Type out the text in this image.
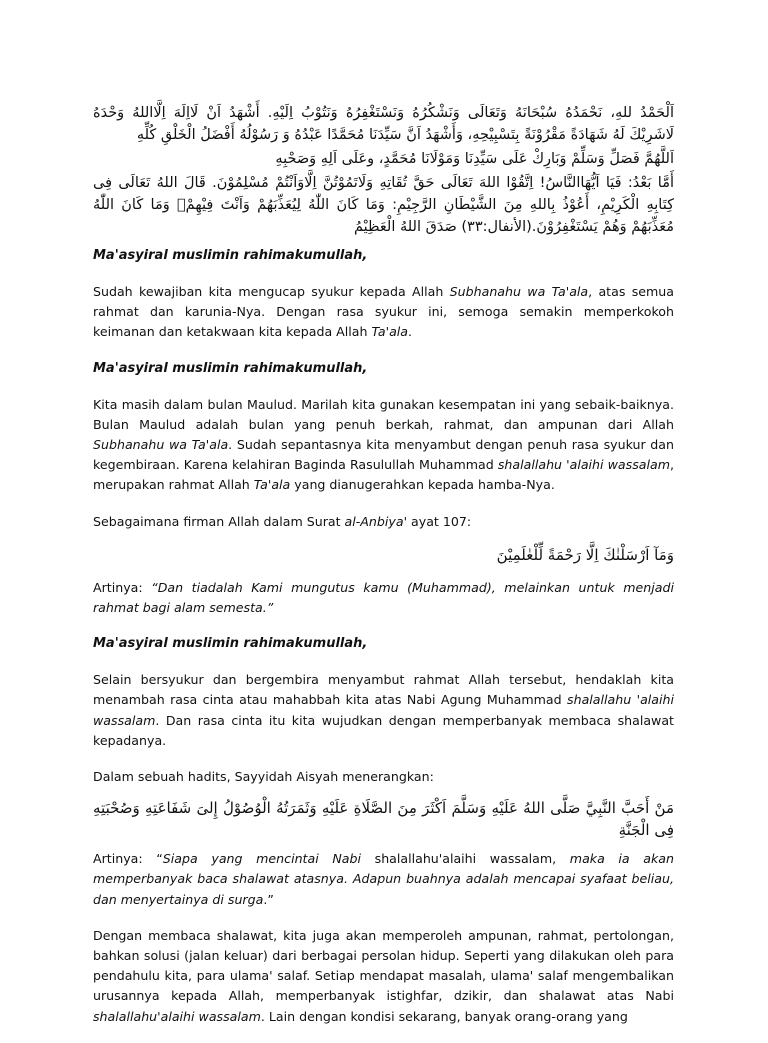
اَلْحَمْدُ للهِ، نَحْمَدُهُ سُبْحَانَهُ وَتَعَالَى وَنَشْكُرُهُ وَنَسْتَغْفِرُهُ وَنَتُوْبُ اِلَيْهِ. أَشْهَدُ اَنْ لَااِلَهَ اِلَّااللهُ وَحْدَهُ لَاشَرِيْكَ لَهُ شَهَادَةً مَقْرُوْنَةً بِتَسْبِيْحِهِ، وَأَشْهَدُ اَنَّ سَيِّدَنَا مُحَمَّدًا عَبْدُهُ وَ رَسُوْلُهُ أَفْضَلُ الْخَلْقِ كُلِّهِ

اَللَّهُمَّ فَصَلِّ وَسَلِّمْ وَبَارِكْ عَلَى سَيِّدِنَا وَمَوْلَانَا مُحَمَّدٍ، وعَلَى اَلِهِ وَصَحْبِهِ

أَمَّا بَعْدُ: فَيَا اَيُّهَاالنَّاسُ! اِتَّقُوْا اللهَ تَعَالَى حَقَّ تُقَاتِهِ وَلَاتَمُوْتُنَّ اِلَّاوَاَنْتُمْ مُسْلِمُوْنَ. قَالَ اللهُ تَعَالَى فِى كِتَابِهِ الْكَرِيْمِ، أَعُوْذُ بِاللهِ مِنَ الشَّيْطَانِ الرَّجِيْمِ: وَمَا كَانَ اللّٰهُ لِيُعَذِّبَهُمْ وَاَنْتَ فِيْهِمْۗ وَمَا كَانَ اللّٰهُ مُعَذِّبَهُمْ وَهُمْ يَسْتَغْفِرُوْنَ.(الأنفال:٣٣) صَدَقَ اللهُ الْعَظِيْمُ

Ma'asyiral muslimin rahimakumullah,

Sudah kewajiban kita mengucap syukur kepada Allah Subhanahu wa Ta'ala, atas semua rahmat dan karunia-Nya. Dengan rasa syukur ini, semoga semakin memperkokoh keimanan dan ketakwaan kita kepada Allah Ta'ala.

Ma'asyiral muslimin rahimakumullah,

Kita masih dalam bulan Maulud. Marilah kita gunakan kesempatan ini yang sebaik-baiknya. Bulan Maulud adalah bulan yang penuh berkah, rahmat, dan ampunan dari Allah Subhanahu wa Ta'ala. Sudah sepantasnya kita menyambut dengan penuh rasa syukur dan kegembiraan. Karena kelahiran Baginda Rasulullah Muhammad shalallahu 'alaihi wassalam, merupakan rahmat Allah Ta'ala yang dianugerahkan kepada hamba-Nya.

Sebagaimana firman Allah dalam Surat al-Anbiya' ayat 107:

وَمَآ اَرْسَلْنٰكَ اِلَّا رَحْمَةً لِّلْعٰلَمِيْنَ

Artinya: “Dan tiadalah Kami mungutus kamu (Muhammad), melainkan untuk menjadi rahmat bagi alam semesta.”

Ma'asyiral muslimin rahimakumullah,

Selain bersyukur dan bergembira menyambut rahmat Allah tersebut, hendaklah kita menambah rasa cinta atau mahabbah kita atas Nabi Agung Muhammad shalallahu 'alaihi wassalam. Dan rasa cinta itu kita wujudkan dengan memperbanyak membaca shalawat kepadanya.

Dalam sebuah hadits, Sayyidah Aisyah menerangkan:

مَنْ أَحَبَّ النَّبِيَّ صَلَّى اللهُ عَلَيْهِ وَسَلَّمَ اَكْثَرَ مِنَ الصَّلَاةِ عَلَيْهِ وَثَمَرَتُهُ الْوُصُوْلُ إِلىَ شَفَاعَتِهِ وَصُحْبَتِهِ فِى الْجَنَّةِ

Artinya: “Siapa yang mencintai Nabi shalallahu'alaihi wassalam, maka ia akan memperbanyak baca shalawat atasnya. Adapun buahnya adalah mencapai syafaat beliau, dan menyertainya di surga.”

Dengan membaca shalawat, kita juga akan memperoleh ampunan, rahmat, pertolongan, bahkan solusi (jalan keluar) dari berbagai persolan hidup. Seperti yang dilakukan oleh para pendahulu kita, para ulama' salaf. Setiap mendapat masalah, ulama' salaf mengembalikan urusannya kepada Allah, memperbanyak istighfar, dzikir, dan shalawat atas Nabi shalallahu'alaihi wassalam. Lain dengan kondisi sekarang, banyak orang-orang yang
